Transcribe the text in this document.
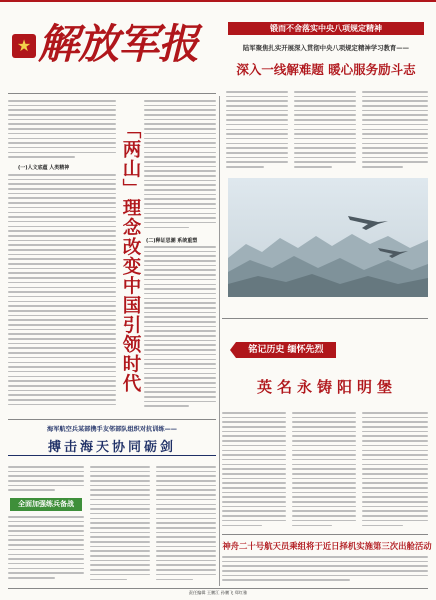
★ 解放军报	锻而不舍落实中央八项规定精神
陆军聚焦扎实开展深入贯彻中央八项规定精神学习教育——
深入一线解难题 暖心服务励斗志
(一)人文底蕴 人类精神	「两山」理念改变中国引领时代 (二)释证思潮 系统重塑
铭记历史 缅怀先烈
英名永铸阳明堡
神舟二十号航天员乘组将于近日择机实施第三次出舱活动
海军航空兵某部携手友邻部队组织对抗训练——
搏击海天协同砺剑
全面加强练兵备战
责任编辑 王鹏江 孙鹏飞 郑红雅
